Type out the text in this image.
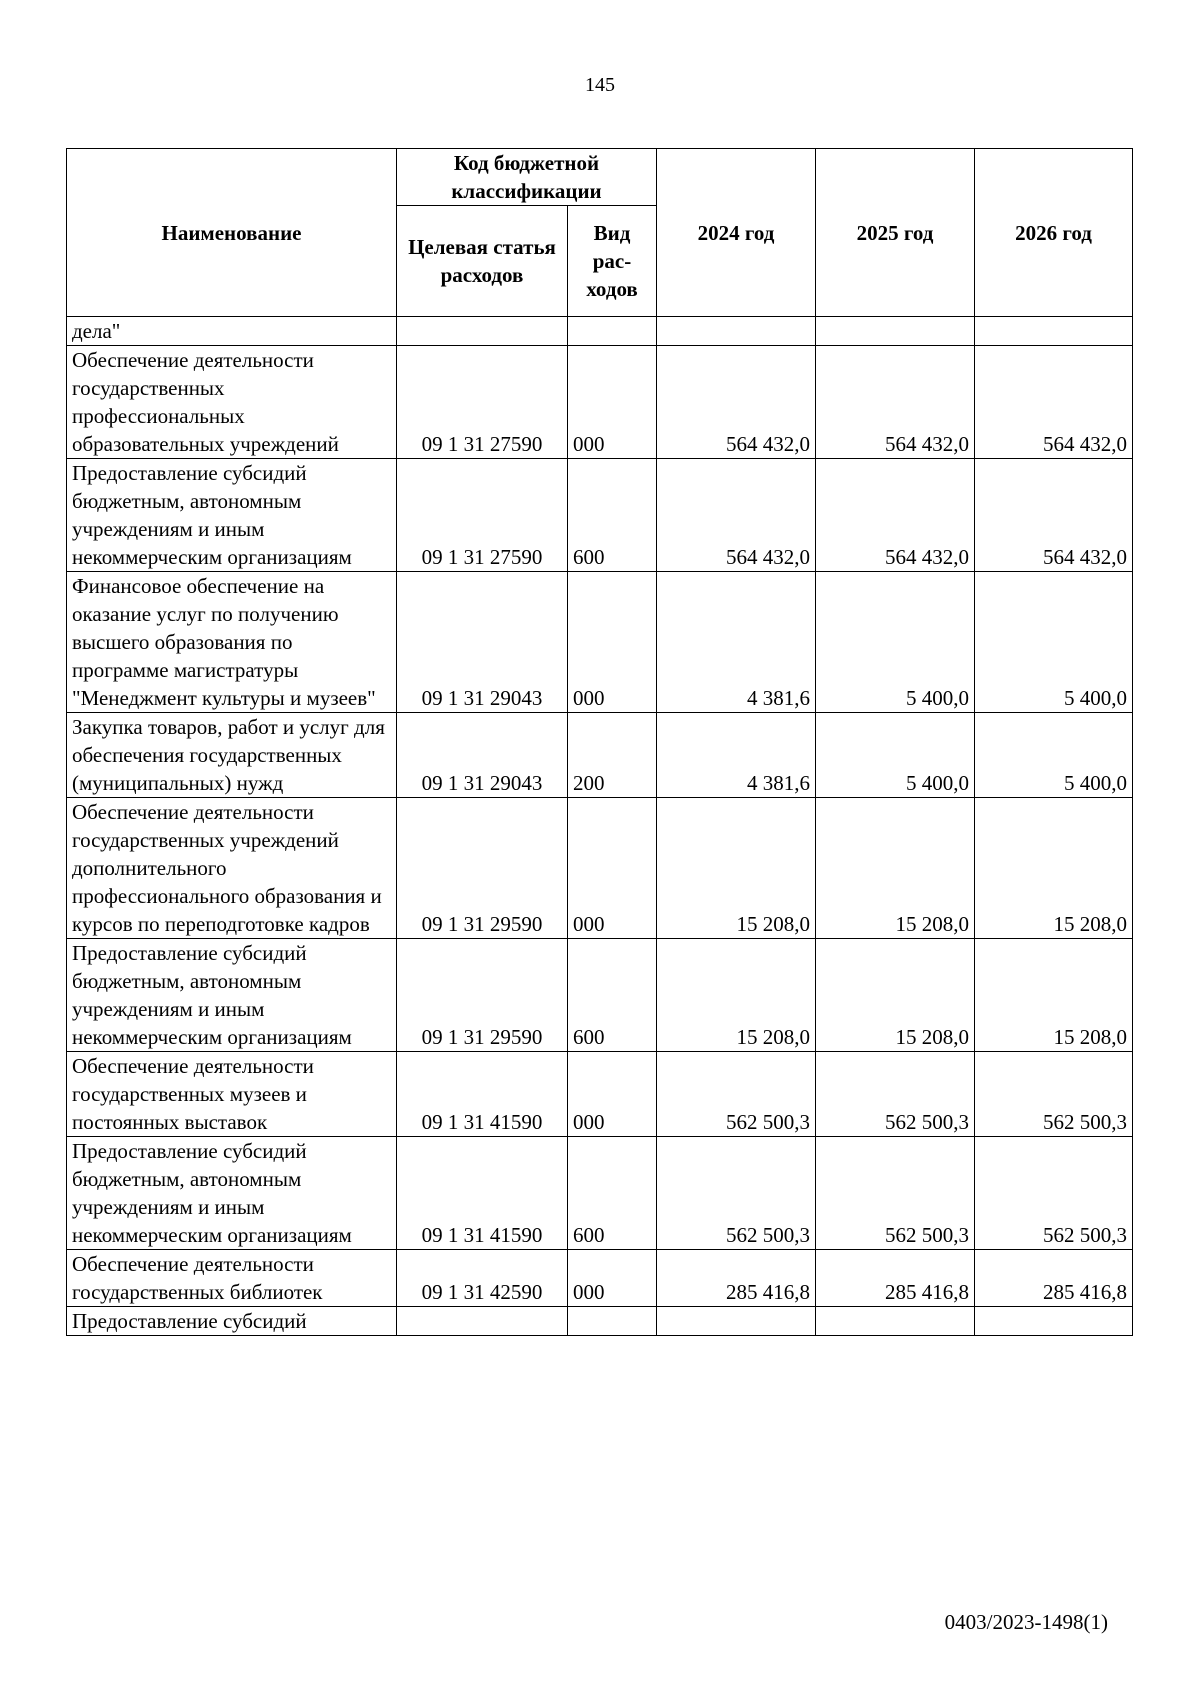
145
Наименование	Код бюджетной классификации		2024 год	2025 год	2026 год
	Целевая статья расходов	Вид рас-ходов			
дела"					
Обеспечение деятельности государственных профессиональных образовательных учреждений	09 1 31 27590	000	564 432,0	564 432,0	564 432,0
Предоставление субсидий бюджетным, автономным учреждениям и иным некоммерческим организациям	09 1 31 27590	600	564 432,0	564 432,0	564 432,0
Финансовое обеспечение на оказание услуг по получению высшего образования по программе магистратуры "Менеджмент культуры и музеев"	09 1 31 29043	000	4 381,6	5 400,0	5 400,0
Закупка товаров, работ и услуг для обеспечения государственных (муниципальных) нужд	09 1 31 29043	200	4 381,6	5 400,0	5 400,0
Обеспечение деятельности государственных учреждений дополнительного профессионального образования и курсов по переподготовке кадров	09 1 31 29590	000	15 208,0	15 208,0	15 208,0
Предоставление субсидий бюджетным, автономным учреждениям и иным некоммерческим организациям	09 1 31 29590	600	15 208,0	15 208,0	15 208,0
Обеспечение деятельности государственных музеев и постоянных выставок	09 1 31 41590	000	562 500,3	562 500,3	562 500,3
Предоставление субсидий бюджетным, автономным учреждениям и иным некоммерческим организациям	09 1 31 41590	600	562 500,3	562 500,3	562 500,3
Обеспечение деятельности государственных библиотек	09 1 31 42590	000	285 416,8	285 416,8	285 416,8
Предоставление субсидий					
0403/2023-1498(1)
